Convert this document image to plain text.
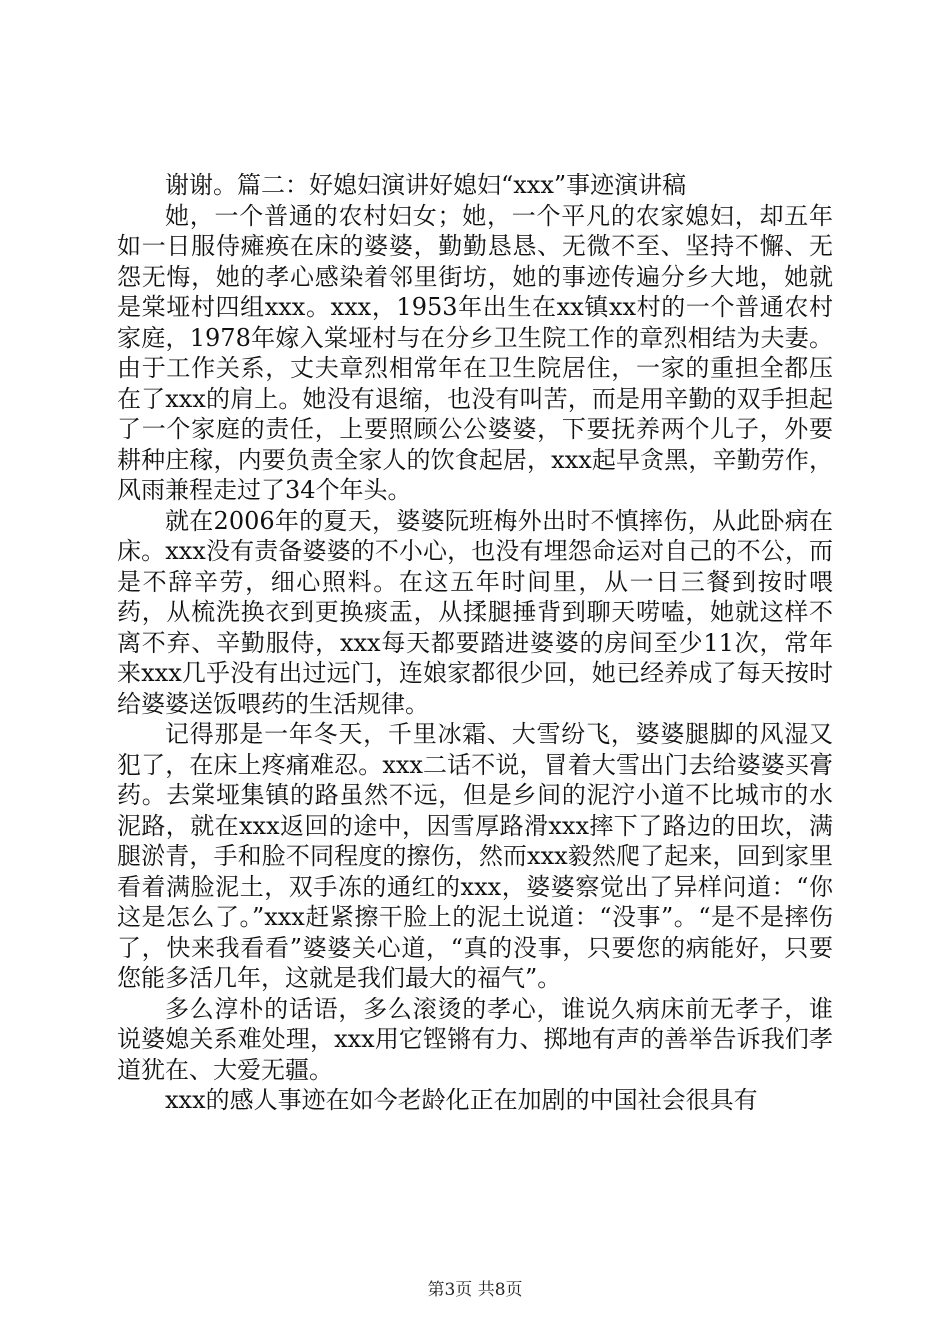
谢谢。篇二：好媳妇演讲好媳妇“xxx”事迹演讲稿

她，一个普通的农村妇女；她，一个平凡的农家媳妇，却五年如一日服侍瘫痪在床的婆婆，勤勤恳恳、无微不至、坚持不懈、无怨无悔，她的孝心感染着邻里街坊，她的事迹传遍分乡大地，她就是棠垭村四组xxx。xxx，1953年出生在xx镇xx村的一个普通农村家庭，1978年嫁入棠垭村与在分乡卫生院工作的章烈相结为夫妻。由于工作关系，丈夫章烈相常年在卫生院居住，一家的重担全都压在了xxx的肩上。她没有退缩，也没有叫苦，而是用辛勤的双手担起了一个家庭的责任，上要照顾公公婆婆，下要抚养两个儿子，外要耕种庄稼，内要负责全家人的饮食起居，xxx起早贪黑，辛勤劳作，风雨兼程走过了34个年头。

就在2006年的夏天，婆婆阮班梅外出时不慎摔伤，从此卧病在床。xxx没有责备婆婆的不小心，也没有埋怨命运对自己的不公，而是不辞辛劳，细心照料。在这五年时间里，从一日三餐到按时喂药，从梳洗换衣到更换痰盂，从揉腿捶背到聊天唠嗑，她就这样不离不弃、辛勤服侍，xxx每天都要踏进婆婆的房间至少11次，常年来xxx几乎没有出过远门，连娘家都很少回，她已经养成了每天按时给婆婆送饭喂药的生活规律。

记得那是一年冬天，千里冰霜、大雪纷飞，婆婆腿脚的风湿又犯了，在床上疼痛难忍。xxx二话不说，冒着大雪出门去给婆婆买膏药。去棠垭集镇的路虽然不远，但是乡间的泥泞小道不比城市的水泥路，就在xxx返回的途中，因雪厚路滑xxx摔下了路边的田坎，满腿淤青，手和脸不同程度的擦伤，然而xxx毅然爬了起来，回到家里看着满脸泥土，双手冻的通红的xxx，婆婆察觉出了异样问道：“你这是怎么了。”xxx赶紧擦干脸上的泥土说道：“没事”。“是不是摔伤了，快来我看看”婆婆关心道，“真的没事，只要您的病能好，只要您能多活几年，这就是我们最大的福气”。

多么淳朴的话语，多么滚烫的孝心，谁说久病床前无孝子，谁说婆媳关系难处理，xxx用它铿锵有力、掷地有声的善举告诉我们孝道犹在、大爱无疆。

xxx的感人事迹在如今老龄化正在加剧的中国社会很具有

第3页 共8页
